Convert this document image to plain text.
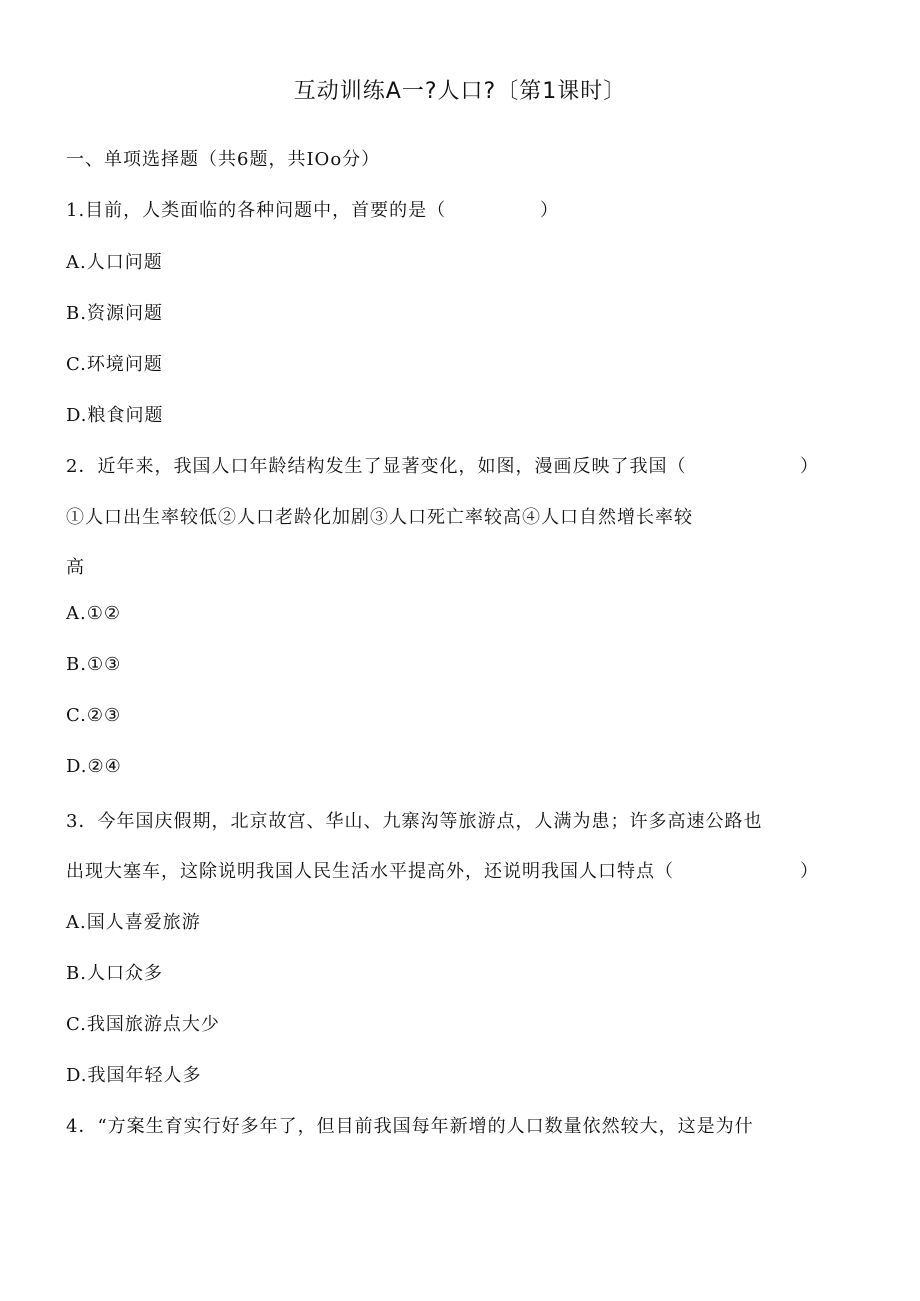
互动训练A一?人口?〔第1课时〕
一、单项选择题（共6题，共IOo分）
1.目前，人类面临的各种问题中，首要的是（	）
A.人口问题
B.资源问题
C.环境问题
D.粮食问题
2．近年来，我国人口年龄结构发生了显著变化，如图，漫画反映了我国（	）
①人口出生率较低②人口老龄化加剧③人口死亡率较高④人口自然增长率较
高
A.①②
B.①③
C.②③
D.②④
3．今年国庆假期，北京故宫、华山、九寨沟等旅游点，人满为患；许多高速公路也
出现大塞车，这除说明我国人民生活水平提高外，还说明我国人口特点（	）
A.国人喜爱旅游
B.人口众多
C.我国旅游点大少
D.我国年轻人多
4．“方案生育实行好多年了，但目前我国每年新增的人口数量依然较大，这是为什
